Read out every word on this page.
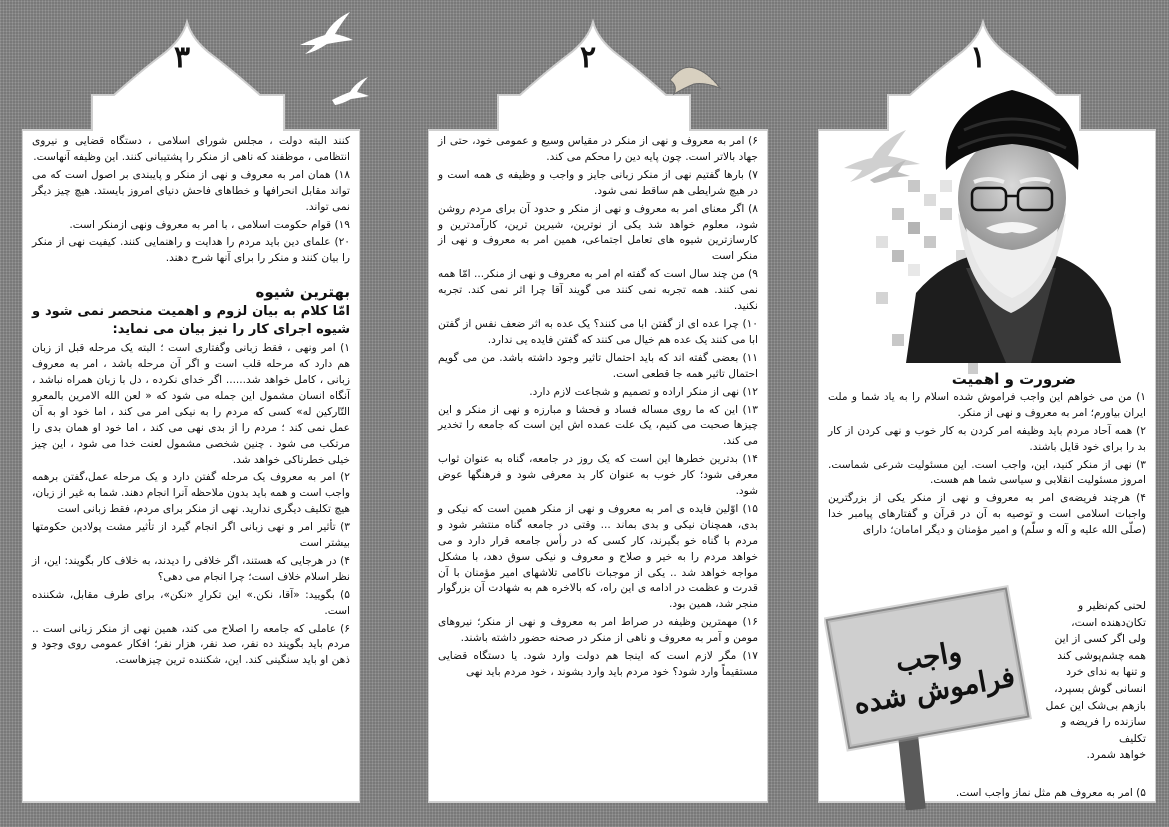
۳

کنند البته دولت ، مجلس شورای اسلامی ، دستگاه قضایی و نیروی انتظامی ، موظفند که ناهی از منکر را پشتیبانی کنند. این وظیفه آنهاست.

۱۸) همان امر به معروف و نهی از منکر و پایبندی بر اصول است که می تواند مقابل انحرافها و خطاهای فاحش دنیای امروز بایستد. هیچ چیز دیگر نمی تواند.

۱۹) قوام حکومت اسلامی ، با امر به معروف ونهی ازمنکر است.

۲۰) علمای دین باید مردم را هدایت و راهنمایی کنند. کیفیت نهی از منکر را بیان کنند و منکر را برای آنها شرح دهند.

بهترین شیوه
امّا کلام به بیان لزوم و اهمیت منحصر نمی شود و شیوه اجرای کار را نیز بیان می نماید:

۱) امر ونهی ، فقط زبانی وگفتاری است ؛ البته یک مرحله قبل از زبان هم دارد که مرحله قلب است و اگر آن مرحله باشد ، امر به معروف زبانی ، کامل خواهد شد...... اگر خدای نکرده ، دل با زبان همراه نباشد ، آنگاه انسان مشمول این جمله می شود که « لعن الله الامرین بالمعرو التّارکین له» کسی که مردم را به نیکی امر می کند ، اما خود او به آن عمل نمی کند ؛ مردم را از بدی نهی می کند ، اما خود او همان بدی را مرتکب می شود . چنین شخصی مشمول لعنت خدا می شود ، این چیز خیلی خطرناکی خواهد شد.

۲) امر به معروف یک مرحله گفتن دارد و یک مرحله عمل،گفتن برهمه واجب است و همه باید بدون ملاحظه آنرا انجام دهند. شما به غیر از زبان، هیچ تکلیف دیگری ندارید. نهی از منکر برای مردم، فقط زبانی است

۳) تأثیر امر و نهی زبانی اگر انجام گیرد از تأثیر مشت پولادین حکومتها بیشتر است

۴) در هرجایی که هستند، اگر خلافی را دیدند، به خلاف کار بگویند: این، از نظر اسلام خلاف است؛ چرا انجام می دهی؟

۵) بگویید: «آقا، نکن.» این تکرارِ «نکن»، برای طرف مقابل، شکننده است.

۶) عاملی که جامعه را اصلاح می کند، همین نهی از منکر زبانی است .. مردم باید بگویند ده نفر، صد نفر، هزار نفر؛ افکار عمومی روی وجود و ذهن او باید سنگینی کند. این، شکننده ترین چیزهاست.

۲

۶) امر به معروف و نهی از منکر در مقیاس وسیع و عمومی خود، حتی از جهاد بالاتر است. چون پایه دین را محکم می کند.

۷) بارها گفتیم نهی از منکر زبانی جایز و واجب و وظیفه ی همه است و در هیچ شرایطی هم ساقط نمی شود.

۸) اگر معنای امر به معروف و نهی از منکر و حدود آن برای مردم روشن شود، معلوم خواهد شد یکی از نوترین، شیرین ترین، کارآمدترین و کارسازترین شیوه های تعامل اجتماعی، همین امر به معروف و نهی از منکر است

۹) من چند سال است که گفته ام امر به معروف و نهی از منکر... امّا همه نمی کنند. همه تجربه نمی کنند می گویند آقا چرا اثر نمی کند. تجربه نکنید.

۱۰) چرا عده ای از گفتن ابا می کنند؟ یک عده به اثر ضعف نفس از گفتن ابا می کنند یک عده هم خیال می کنند که گفتن فایده یی ندارد.

۱۱) بعضی گفته اند که باید احتمال تاثیر وجود داشته باشد. من می گویم احتمال تاثیر همه جا قطعی است.

۱۲) نهی از منکر اراده و تصمیم و شجاعت لازم دارد.

۱۳) این که ما روی مساله فساد و فحشا و مبارزه و نهی از منکر و این چیزها صحبت می کنیم، یک علت عمده اش این است که جامعه را تخدیر می کند.

۱۴) بدترین خطرها این است که یک روز در جامعه، گناه به عنوان ثواب معرفی شود؛ کار خوب به عنوان کار بد معرفی شود و فرهنگها عوض شود.

۱۵) اوّلین فایده ی امر به معروف و نهی از منکر همین است که نیکی و بدی، همچنان نیکی و بدی بماند ... وقتی در جامعه گناه منتشر شود و مردم با گناه خو بگیرند، کار کسی که در رأس جامعه قرار دارد و می خواهد مردم را به خیر و صلاح و معروف و نیکی سوق دهد، با مشکل مواجه خواهد شد .. یکی از موجبات ناکامی تلاشهای امیر مؤمنان با آن قدرت و عظمت در ادامه ی این راه، که بالاخره هم به شهادت آن بزرگوار منجر شد، همین بود.

۱۶) مهمترین وظیفه در صراط امر به معروف و نهی از منکر؛ نیروهای مومن و آمر به معروف و ناهی از منکر در صحنه حضور داشته باشند.

۱۷) مگر لازم است که اینجا هم دولت وارد شود. یا دستگاه قضایی مستقیماً وارد شود؟ خود مردم باید وارد بشوند ، خود مردم باید نهی

۱
ضرورت و اهمیت

۱) من می خواهم این واجب فراموش شده اسلام را به یاد شما و ملت ایران بیاورم؛ امر به معروف و نهی از منکر.

۲) همه آحاد مردم باید وظیفه امر کردن به کار خوب و نهی کردن از کار بد را برای خود قایل باشند.

۳) نهی از منکر کنید، این، واجب است. این مسئولیت شرعی شماست. امروز مسئولیت انقلابی و سیاسی شما هم هست.

۴) هرچند فریضه‌ی امر به معروف و نهی از منکر یکی از بزرگترین واجبات اسلامی است و توصیه به آن در قرآن و گفتارهای پیامبر خدا (صلّی الله علیه و آله و سلّم) و امیر مؤمنان و دیگر امامان؛ دارای

لحنی کم‌نظیر و
تکان‌دهنده است،
ولی اگر کسی از این
همه چشم‌پوشی کند
و تنها به ندای خرد
انسانی گوش بسپرد،
بازهم بی‌شک این عمل
سازنده را فریضه و تکلیف
خواهد شمرد.
واجب فراموش شده
۵) امر به معروف هم مثل نماز واجب است.
